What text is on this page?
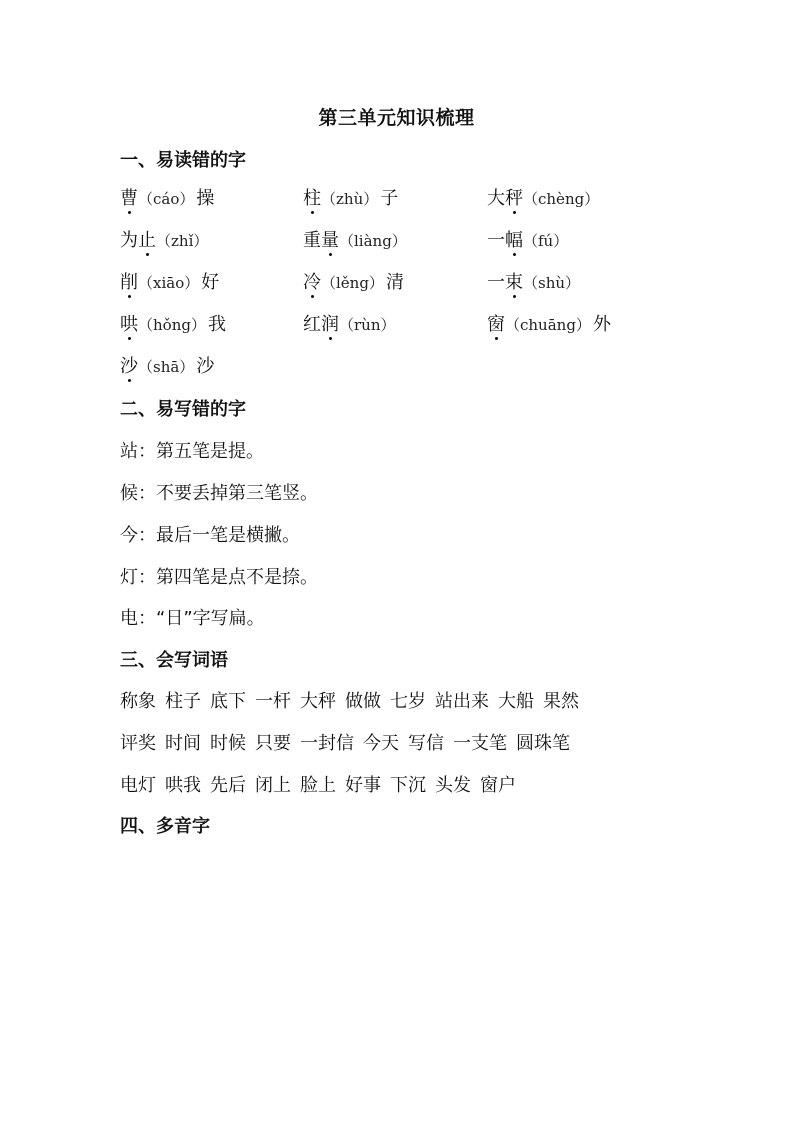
第三单元知识梳理
一、易读错的字
曹（cáo） 操	柱（zhù） 子	大秤（chèng）
为止（zhǐ）	重量（liàng）	一幅（fú）
削（xiāo） 好	冷（lěng） 清	一束（shù）
哄（hǒng） 我	红润（rùn）	窗（chuāng） 外
沙（shā） 沙
二、易写错的字
站：第五笔是提。
候：不要丢掉第三笔竖。
今：最后一笔是横撇。
灯：第四笔是点不是捺。
电：“日”字写扁。
三、会写词语
称象 柱子 底下 一杆 大秤 做做 七岁 站出来 大船 果然
评奖 时间 时候 只要 一封信 今天 写信 一支笔 圆珠笔
电灯 哄我 先后 闭上 脸上 好事 下沉 头发 窗户
四、多音字
